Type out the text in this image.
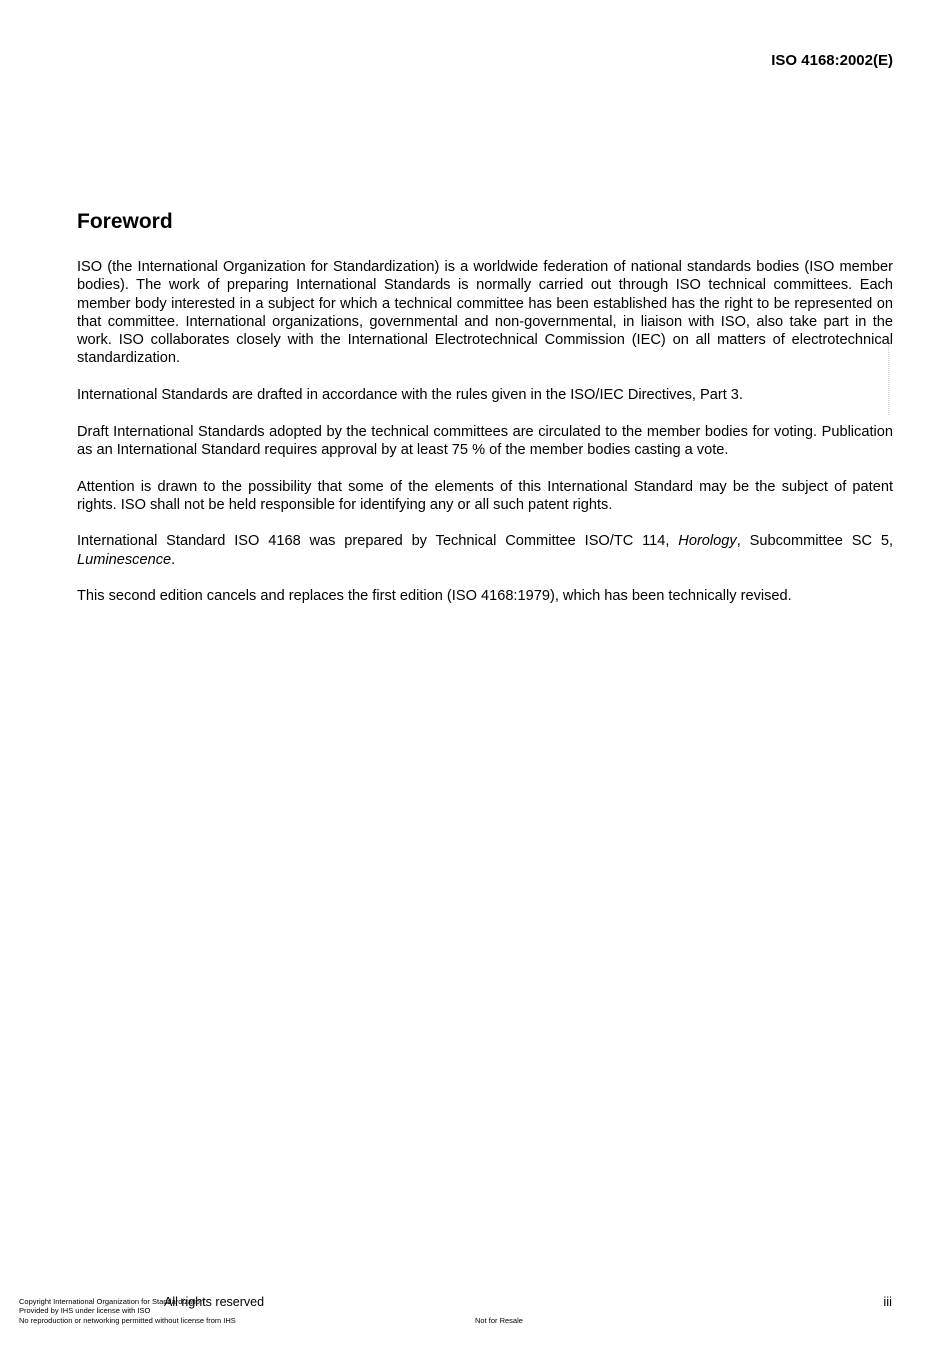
ISO 4168:2002(E)
Foreword

ISO (the International Organization for Standardization) is a worldwide federation of national standards bodies (ISO member bodies). The work of preparing International Standards is normally carried out through ISO technical committees. Each member body interested in a subject for which a technical committee has been established has the right to be represented on that committee. International organizations, governmental and non-governmental, in liaison with ISO, also take part in the work. ISO collaborates closely with the International Electrotechnical Commission (IEC) on all matters of electrotechnical standardization.

International Standards are drafted in accordance with the rules given in the ISO/IEC Directives, Part 3.

Draft International Standards adopted by the technical committees are circulated to the member bodies for voting. Publication as an International Standard requires approval by at least 75 % of the member bodies casting a vote.

Attention is drawn to the possibility that some of the elements of this International Standard may be the subject of patent rights. ISO shall not be held responsible for identifying any or all such patent rights.

International Standard ISO 4168 was prepared by Technical Committee ISO/TC 114, Horology, Subcommittee SC 5, Luminescence.

This second edition cancels and replaces the first edition (ISO 4168:1979), which has been technically revised.

Copyright International Organization for Standardization
Provided by IHS under license with ISO
No reproduction or networking permitted without license from IHS
All rights reserved
Not for Resale
iii
